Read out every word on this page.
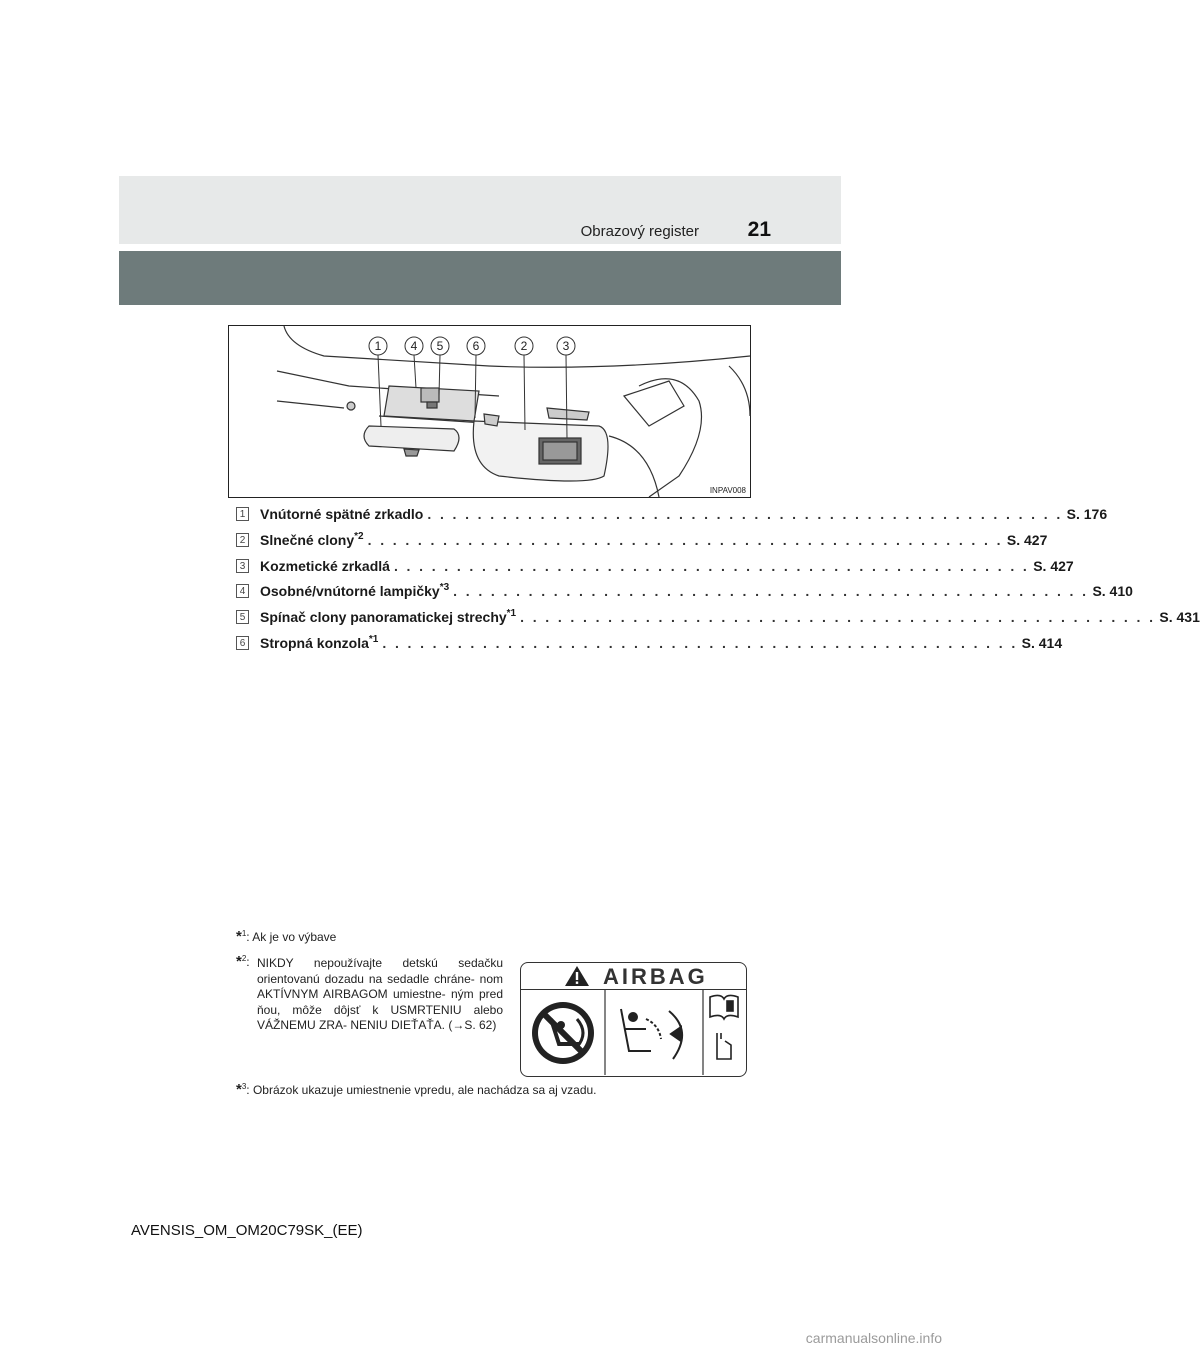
Obrazový register 21
1 4 5 6	2	3
INPAV008
1 Vnútorné spätné zrkadlo . . . . . . . . . . . . . . . . . . . . . . . . . . . . . . . . . . . . . . . . . . . . . . . . . . . S. 176
2 Slnečné clony$^{*2}$ . . . . . . . . . . . . . . . . . . . . . . . . . . . . . . . . . . . . . . . . . . . . . . . . . . . S. 427
3 Kozmetické zrkadlá . . . . . . . . . . . . . . . . . . . . . . . . . . . . . . . . . . . . . . . . . . . . . . . . . . . S. 427
4 Osobné/vnútorné lampičky$^{*3}$ . . . . . . . . . . . . . . . . . . . . . . . . . . . . . . . . . . . . . . . . . . . . . . . . . . . S. 410
5 Spínač clony panoramatickej strechy$^{*1}$ . . . . . . . . . . . . . . . . . . . . . . . . . . . . . . . . . . . . . . . . . . . . . . . . . . . S. 431
6 Stropná konzola$^{*1}$ . . . . . . . . . . . . . . . . . . . . . . . . . . . . . . . . . . . . . . . . . . . . . . . . . . . S. 414
*$^1$: Ak je vo výbave
*$^2$: NIKDY nepoužívajte detskú sedačku orientovanú dozadu na sedadle chráne- nom AKTÍVNYM AIRBAGOM umiestne- ným pred ňou, môže dôjsť k USMRTENIU alebo VÁŽNEMU ZRA- NENIU DIEŤAŤA. (→S. 62)
*$^3$: Obrázok ukazuje umiestnenie vpredu, ale nachádza sa aj vzadu.
AIRBAG
AVENSIS_OM_OM20C79SK_(EE)
carmanualsonline.info
